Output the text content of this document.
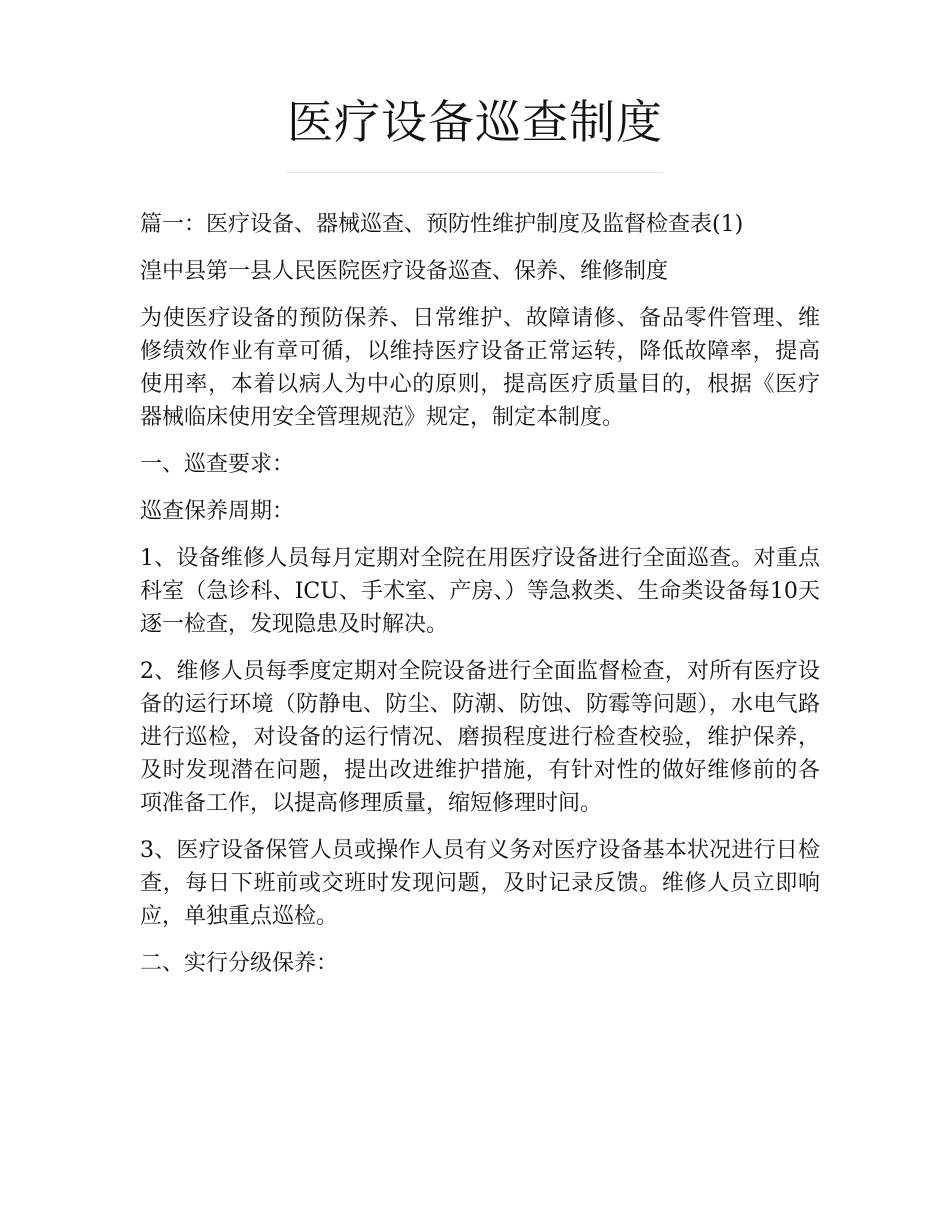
医疗设备巡查制度

篇一：医疗设备、器械巡查、预防性维护制度及监督检查表(1)

湟中县第一县人民医院医疗设备巡查、保养、维修制度

为使医疗设备的预防保养、日常维护、故障请修、备品零件管理、维修绩效作业有章可循，以维持医疗设备正常运转，降低故障率，提高使用率，本着以病人为中心的原则，提高医疗质量目的，根据《医疗器械临床使用安全管理规范》规定，制定本制度。

一、巡查要求：

巡查保养周期：

1、设备维修人员每月定期对全院在用医疗设备进行全面巡查。对重点科室（急诊科、ICU、手术室、产房、）等急救类、生命类设备每10天逐一检查，发现隐患及时解决。

2、维修人员每季度定期对全院设备进行全面监督检查，对所有医疗设备的运行环境（防静电、防尘、防潮、防蚀、防霉等问题），水电气路进行巡检，对设备的运行情况、磨损程度进行检查校验，维护保养，及时发现潜在问题，提出改进维护措施，有针对性的做好维修前的各项准备工作，以提高修理质量，缩短修理时间。

3、医疗设备保管人员或操作人员有义务对医疗设备基本状况进行日检查，每日下班前或交班时发现问题，及时记录反馈。维修人员立即响应，单独重点巡检。

二、实行分级保养：
